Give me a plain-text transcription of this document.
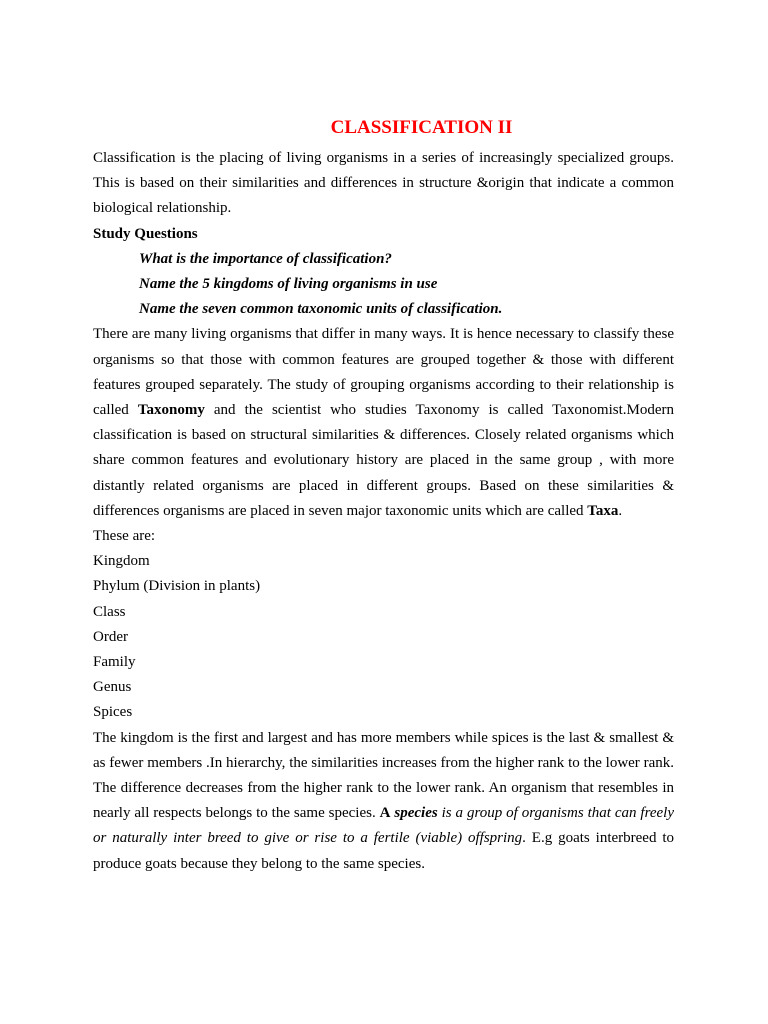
CLASSIFICATION II

Classification is the placing of living organisms in a series of increasingly specialized groups. This is based on their similarities and differences in structure &origin that indicate a common biological relationship.

Study Questions

What is the importance of classification?

Name the 5 kingdoms of living organisms in use

Name the seven common taxonomic units of classification.

There are many living organisms that differ in many ways. It is hence necessary to classify these organisms so that those with common features are grouped together & those with different features grouped separately. The study of grouping organisms according to their relationship is called Taxonomy and the scientist who studies Taxonomy is called Taxonomist.Modern classification is based on structural similarities & differences. Closely related organisms which share common features and evolutionary history are placed in the same group , with more distantly related organisms are placed in different groups. Based on these similarities & differences organisms are placed in seven major taxonomic units which are called Taxa.

These are:

Kingdom

Phylum (Division in plants)

Class

Order

Family

Genus

Spices

The kingdom is the first and largest and has more members while spices is the last & smallest & as fewer members .In hierarchy, the similarities increases from the higher rank to the lower rank. The difference decreases from the higher rank to the lower rank. An organism that resembles in nearly all respects belongs to the same species. A species is a group of organisms that can freely or naturally inter breed to give or rise to a fertile (viable) offspring. E.g goats interbreed to produce goats because they belong to the same species.
